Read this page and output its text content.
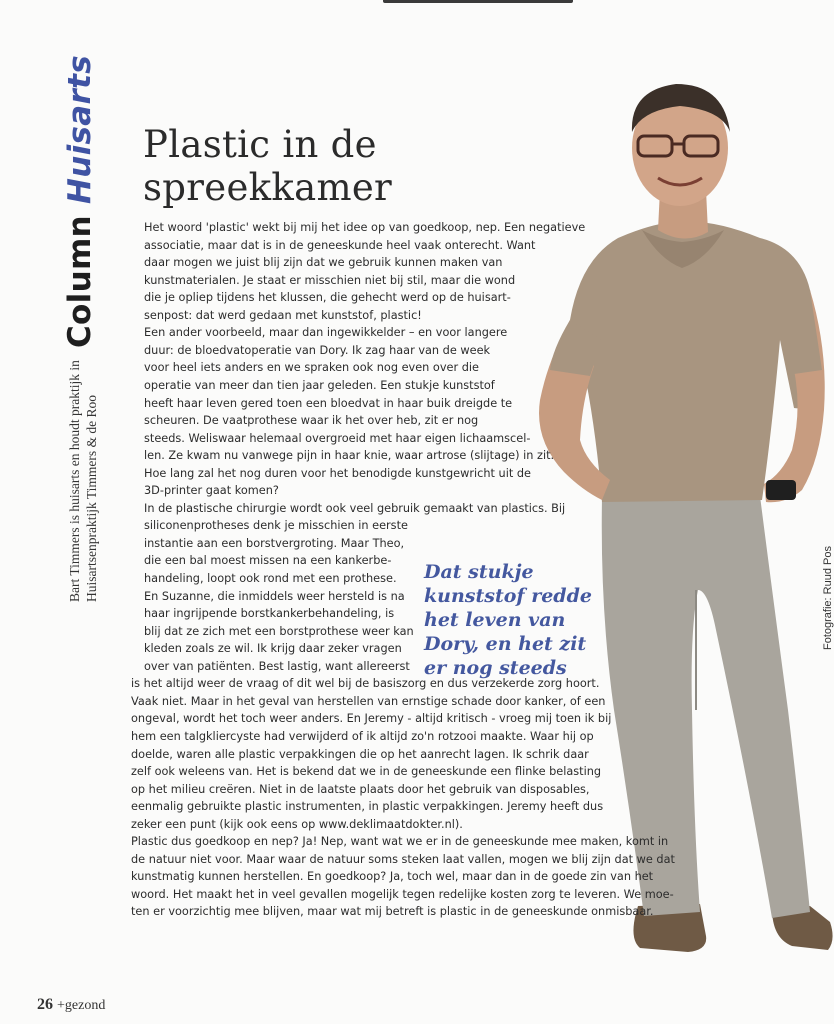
Column Huisarts
Bart Timmers is huisarts en houdt praktijk in Huisartsenpraktijk Timmers & de Roo
Plastic in de
spreekkamer
Fotografie: Ruud Pos
Het woord 'plastic' wekt bij mij het idee op van goedkoop, nep. Een negatieve
associatie, maar dat is in de geneeskunde heel vaak onterecht. Want
daar mogen we juist blij zijn dat we gebruik kunnen maken van
kunstmaterialen. Je staat er misschien niet bij stil, maar die wond
die je opliep tijdens het klussen, die gehecht werd op de huisart-
senpost: dat werd gedaan met kunststof, plastic!
Een ander voorbeeld, maar dan ingewikkelder – en voor langere
duur: de bloedvatoperatie van Dory. Ik zag haar van de week
voor heel iets anders en we spraken ook nog even over die
operatie van meer dan tien jaar geleden. Een stukje kunststof
heeft haar leven gered toen een bloedvat in haar buik dreigde te
scheuren. De vaatprothese waar ik het over heb, zit er nog
steeds. Weliswaar helemaal overgroeid met haar eigen lichaamscel-
len. Ze kwam nu vanwege pijn in haar knie, waar artrose (slijtage) in zit.
Hoe lang zal het nog duren voor het benodigde kunstgewricht uit de
3D-printer gaat komen?
In de plastische chirurgie wordt ook veel gebruik gemaakt van plastics. Bij
siliconenprotheses denk je misschien in eerste
instantie aan een borstvergroting. Maar Theo,
die een bal moest missen na een kankerbe-
handeling, loopt ook rond met een prothese.
En Suzanne, die inmiddels weer hersteld is na
haar ingrijpende borstkankerbehandeling, is
blij dat ze zich met een borstprothese weer kan
kleden zoals ze wil. Ik krijg daar zeker vragen
over van patiënten. Best lastig, want allereerst
is het altijd weer de vraag of dit wel bij de basiszorg en dus verzekerde zorg hoort.
Vaak niet. Maar in het geval van herstellen van ernstige schade door kanker, of een
ongeval, wordt het toch weer anders. En Jeremy - altijd kritisch - vroeg mij toen ik bij
hem een talgkliercyste had verwijderd of ik altijd zo'n rotzooi maakte. Waar hij op
doelde, waren alle plastic verpakkingen die op het aanrecht lagen. Ik schrik daar
zelf ook weleens van. Het is bekend dat we in de geneeskunde een flinke belasting
op het milieu creëren. Niet in de laatste plaats door het gebruik van disposables,
eenmalig gebruikte plastic instrumenten, in plastic verpakkingen. Jeremy heeft dus
zeker een punt (kijk ook eens op www.deklimaatdokter.nl).
Plastic dus goedkoop en nep? Ja! Nep, want wat we er in de geneeskunde mee maken, komt in
de natuur niet voor. Maar waar de natuur soms steken laat vallen, mogen we blij zijn dat we dat
kunstmatig kunnen herstellen. En goedkoop? Ja, toch wel, maar dan in de goede zin van het
woord. Het maakt het in veel gevallen mogelijk tegen redelijke kosten zorg te leveren. We moe-
ten er voorzichtig mee blijven, maar wat mij betreft is plastic in de geneeskunde onmisbaar.
Dat stukje
kunststof redde
het leven van
Dory, en het zit
er nog steeds
26 +gezond
